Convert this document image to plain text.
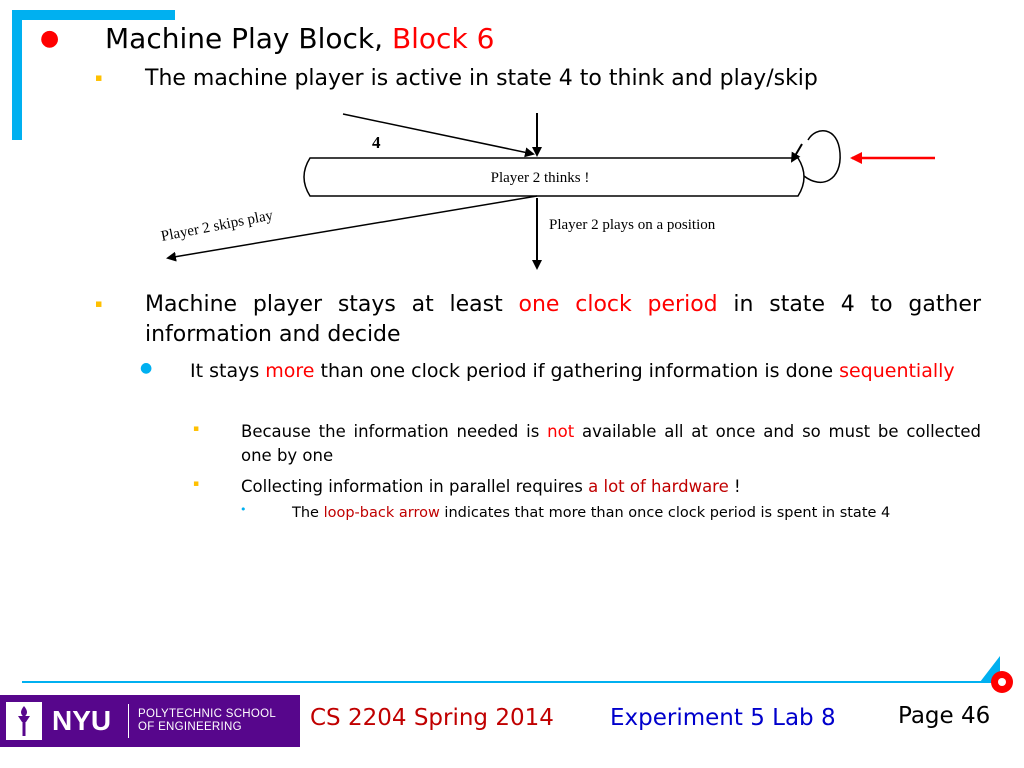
● Machine Play Block, Block 6
▪ The machine player is active in state 4 to think and play/skip
Player 2 thinks !
4
Player 2 skips play	Player 2 plays on a position
▪ Machine player stays at least one clock period in state 4 to gather information and decide
● It stays more than one clock period if gathering information is done sequentially
▪	Because the information needed is not available all at once and so must be collected one by one
▪	Collecting information in parallel requires a lot of hardware !
•	The loop-back arrow indicates that more than once clock period is spent in state 4
NYU POLYTECHNIC SCHOOL
OF ENGINEERING	CS 2204 Spring 2014 Experiment 5 Lab 8	Page 46
